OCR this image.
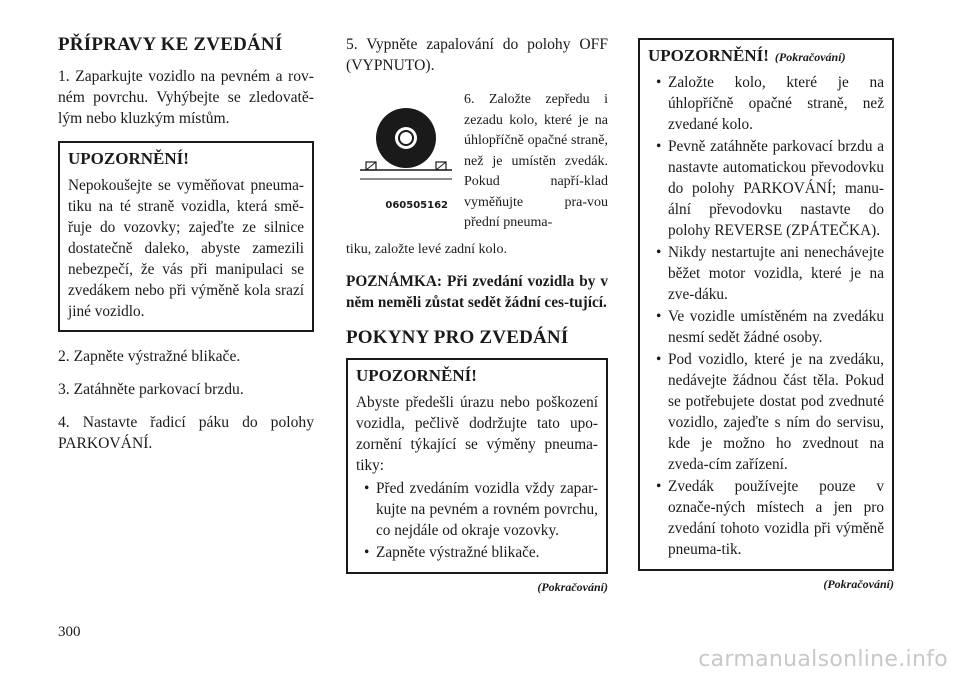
PŘÍPRAVY KE ZVEDÁNÍ

1. Zaparkujte vozidlo na pevném a rov-ném povrchu. Vyhýbejte se zledovatě-lým nebo kluzkým místům.

UPOZORNĚNÍ!

Nepokoušejte se vyměňovat pneuma-tiku na té straně vozidla, která smě-řuje do vozovky; zajeďte ze silnice dostatečně daleko, abyste zamezili nebezpečí, že vás při manipulaci se zvedákem nebo při výměně kola srazí jiné vozidlo.

2. Zapněte výstražné blikače.

3. Zatáhněte parkovací brzdu.

4. Nastavte řadicí páku do polohy PARKOVÁNÍ.

5. Vypněte zapalování do polohy OFF (VYPNUTO).

060505162
6. Založte zepředu i zezadu kolo, které je na úhlopříčně opačné straně, než je umístěn zvedák. Pokud napří-klad vyměňujte pra-vou přední pneuma-

tiku, založte levé zadní kolo.

POZNÁMKA: Při zvedání vozidla by v něm neměli zůstat sedět žádní ces-tující.

POKYNY PRO ZVEDÁNÍ
UPOZORNĚNÍ!

Abyste předešli úrazu nebo poškození vozidla, pečlivě dodržujte tato upo-zornění týkající se výměny pneuma-tiky:

• Před zvedáním vozidla vždy zapar-kujte na pevném a rovném povrchu, co nejdále od okraje vozovky.
• Zapněte výstražné blikače.
(Pokračování)
UPOZORNĚNÍ! (Pokračování)
• Založte kolo, které je na úhlopříčně opačné straně, než zvedané kolo.
• Pevně zatáhněte parkovací brzdu a nastavte automatickou převodovku do polohy PARKOVÁNÍ; manu-ální převodovku nastavte do polohy REVERSE (ZPÁTEČKA).
• Nikdy nestartujte ani nenechávejte běžet motor vozidla, které je na zve-dáku.
• Ve vozidle umístěném na zvedáku nesmí sedět žádné osoby.
• Pod vozidlo, které je na zvedáku, nedávejte žádnou část těla. Pokud se potřebujete dostat pod zvednuté vozidlo, zajeďte s ním do servisu, kde je možno ho zvednout na zveda-cím zařízení.
• Zvedák používejte pouze v označe-ných místech a jen pro zvedání tohoto vozidla při výměně pneuma-tik.
(Pokračování)
300
carmanualsonline.info
